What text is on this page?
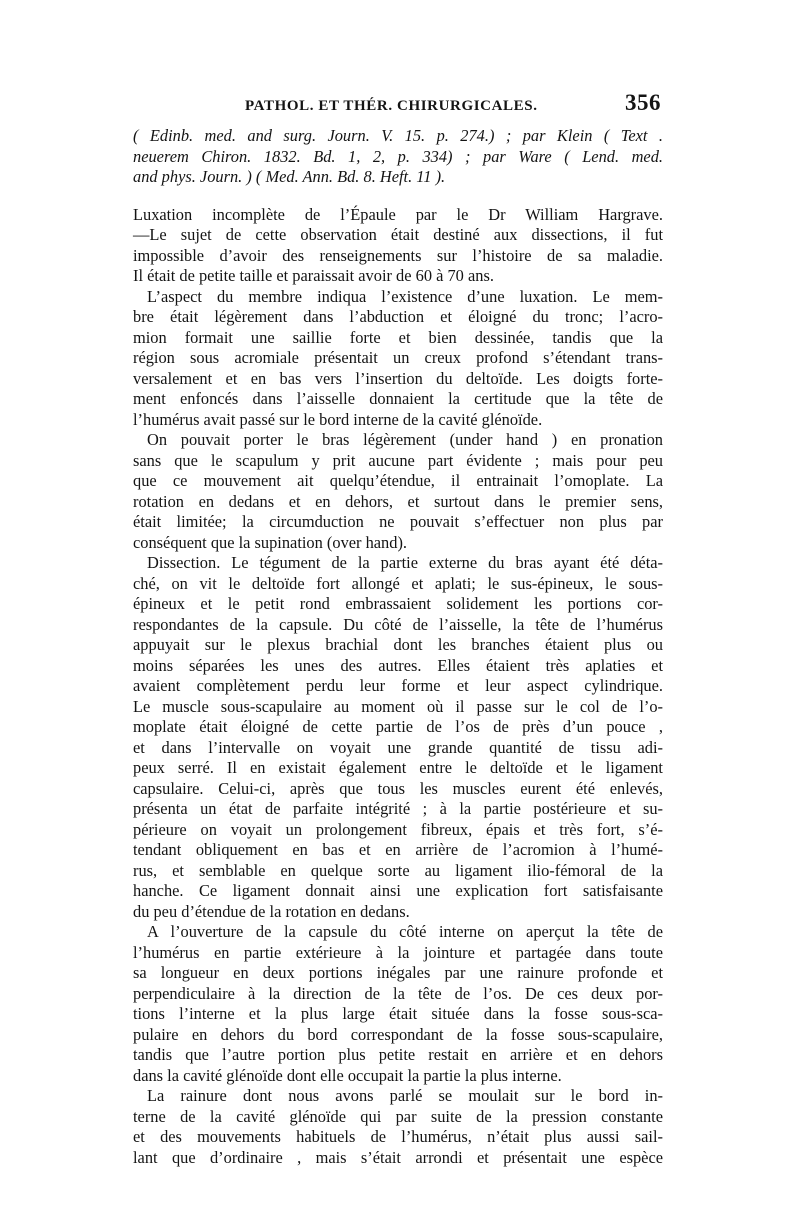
PATHOL. ET THÉR. CHIRURGICALES.	356
( Edinb. med. and surg. Journ. V. 15. p. 274.) ; par Klein ( Text .
neuerem Chiron. 1832. Bd. 1, 2, p. 334) ; par Ware ( Lend. med.
and phys. Journ. ) ( Med. Ann. Bd. 8. Heft. 11 ).
Luxation incomplète de l’Épaule par le Dr William Hargrave.
—Le sujet de cette observation était destiné aux dissections, il fut
impossible d’avoir des renseignements sur l’histoire de sa maladie.
Il était de petite taille et paraissait avoir de 60 à 70 ans.
L’aspect du membre indiqua l’existence d’une luxation. Le mem-
bre était légèrement dans l’abduction et éloigné du tronc; l’acro-
mion formait une saillie forte et bien dessinée, tandis que la
région sous acromiale présentait un creux profond s’étendant trans-
versalement et en bas vers l’insertion du deltoïde. Les doigts forte-
ment enfoncés dans l’aisselle donnaient la certitude que la tête de
l’humérus avait passé sur le bord interne de la cavité glénoïde.
On pouvait porter le bras légèrement (under hand ) en pronation
sans que le scapulum y prit aucune part évidente ; mais pour peu
que ce mouvement ait quelqu’étendue, il entrainait l’omoplate. La
rotation en dedans et en dehors, et surtout dans le premier sens,
était limitée; la circumduction ne pouvait s’effectuer non plus par
conséquent que la supination (over hand).
Dissection. Le tégument de la partie externe du bras ayant été déta-
ché, on vit le deltoïde fort allongé et aplati; le sus-épineux, le sous-
épineux et le petit rond embrassaient solidement les portions cor-
respondantes de la capsule. Du côté de l’aisselle, la tête de l’humérus
appuyait sur le plexus brachial dont les branches étaient plus ou
moins séparées les unes des autres. Elles étaient très aplaties et
avaient complètement perdu leur forme et leur aspect cylindrique.
Le muscle sous-scapulaire au moment où il passe sur le col de l’o-
moplate était éloigné de cette partie de l’os de près d’un pouce ,
et dans l’intervalle on voyait une grande quantité de tissu adi-
peux serré. Il en existait également entre le deltoïde et le ligament
capsulaire. Celui-ci, après que tous les muscles eurent été enlevés,
présenta un état de parfaite intégrité ; à la partie postérieure et su-
périeure on voyait un prolongement fibreux, épais et très fort, s’é-
tendant obliquement en bas et en arrière de l’acromion à l’humé-
rus, et semblable en quelque sorte au ligament ilio-fémoral de la
hanche. Ce ligament donnait ainsi une explication fort satisfaisante
du peu d’étendue de la rotation en dedans.
A l’ouverture de la capsule du côté interne on aperçut la tête de
l’humérus en partie extérieure à la jointure et partagée dans toute
sa longueur en deux portions inégales par une rainure profonde et
perpendiculaire à la direction de la tête de l’os. De ces deux por-
tions l’interne et la plus large était située dans la fosse sous-sca-
pulaire en dehors du bord correspondant de la fosse sous-scapulaire,
tandis que l’autre portion plus petite restait en arrière et en dehors
dans la cavité glénoïde dont elle occupait la partie la plus interne.
La rainure dont nous avons parlé se moulait sur le bord in-
terne de la cavité glénoïde qui par suite de la pression constante
et des mouvements habituels de l’humérus, n’était plus aussi sail-
lant que d’ordinaire , mais s’était arrondi et présentait une espèce
